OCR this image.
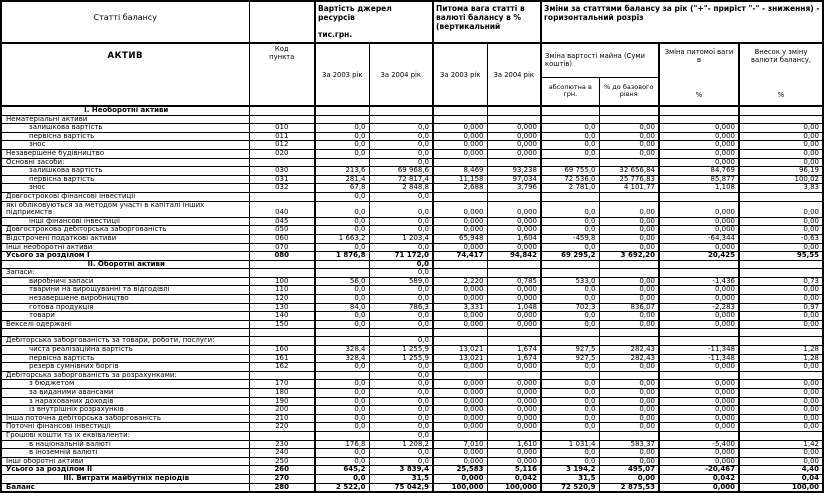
Статті балансу		Вартість джерел ресурсів
тис.грн.		Питома вага статті в валюті балансу в % (вертикальний		Зміни за статтями балансу за рік ("+"- приріст "-" - зниження) - горизонтальний розріз			
АКТИВ	Код пункта	За 2003 рік	За 2004 рік	За 2003 рік	За 2004 рік	Зміна вартості майна (Суми коштів)		Зміна питомої ваги в
%	Внесок у зміну валюти балансу,
%

						абсолютна в грн.	% до базового рівня		
I. Необоротні активи									
Нематеріальні активи									
залишкова вартість	010	0,0	0,0	0,000	0,000	0,0	0,00	0,000	0,00
первісна вартість	011	0,0	0,0	0,000	0,000	0,0	0,00	0,000	0,00
знос	012	0,0	0,0	0,000	0,000	0,0	0,00	0,000	0,00
Незавершене будівництво	020	0,0	0,0	0,000	0,000	0,0	0,00	0,000	0,00
Основні засоби:			0,0					0,000	0,00
залишкова вартість	030	213,6	69 968,6	8,469	93,238	69 755,0	32 656,84	84,769	96,19
первісна вартість	031	281,4	72 817,4	11,158	97,034	72 536,0	25 776,83	85,877	100,02
знос	032	67,8	2 848,8	2,688	3,796	2 781,0	4 101,77	1,108	3,83
Довгострокові фінансові інвестиції		0,0	0,0						
які обліковуються за методом участі в капіталі інших підприємств	040	0,0	0,0	0,000	0,000	0,0	0,00	0,000	0,00
інші фінансові інвестиції	045	0,0	0,0	0,000	0,000	0,0	0,00	0,000	0,00
Довгострокова дебіторська заборгованість	050	0,0	0,0	0,000	0,000	0,0	0,00	0,000	0,00
Відстрочені податкові активи	060	1 663,2	1 203,4	65,948	1,604	-459,8	0,00	-64,344	-0,63
Інші необоротні активи	070	0,0	0,0	0,000	0,000	0,0	0,00	0,000	0,00
Усього за розділом I	080	1 876,8	71 172,0	74,417	94,842	69 295,2	3 692,20	20,425	95,55
II. Оборотні активи			0,0						
Запаси:			0,0						
виробничі запаси	100	56,0	589,0	2,220	0,785	533,0	0,00	-1,436	0,73
тварини на вирощуванні та відгодівлі	110	0,0	0,0	0,000	0,000	0,0	0,00	0,000	0,00
незавершене виробництво	120	0,0	0,0	0,000	0,000	0,0	0,00	0,000	0,00
готова продукція	130	84,0	786,3	3,331	1,048	702,3	836,07	-2,283	0,97
товари	140	0,0	0,0	0,000	0,000	0,0	0,00	0,000	0,00
Векселі одержані	150	0,0	0,0	0,000	0,000	0,0	0,00	0,000	0,00

Дебіторська заборгованість за товари, роботи, послуги:			0,0						
чиста реалізаційна вартість	160	328,4	1 255,9	13,021	1,674	927,5	282,43	-11,348	1,28
первісна вартість	161	328,4	1 255,9	13,021	1,674	927,5	282,43	-11,348	1,28
резерв сумнівних боргів	162	0,0	0,0	0,000	0,000	0,0	0,00	0,000	0,00
Дебіторська заборгованість за розрахунками:			0,0						
з бюджетом	170	0,0	0,0	0,000	0,000	0,0	0,00	0,000	0,00
за виданими авансами	180	0,0	0,0	0,000	0,000	0,0	0,00	0,000	0,00
з нарахованих доходів	190	0,0	0,0	0,000	0,000	0,0	0,00	0,000	0,00
із внутрішніх розрахунків	200	0,0	0,0	0,000	0,000	0,0	0,00	0,000	0,00
Інша поточна дебіторська заборгованість	210	0,0	0,0	0,000	0,000	0,0	0,00	0,000	0,00
Поточні фінансові інвестиції	220	0,0	0,0	0,000	0,000	0,0	0,00	0,000	0,00
Грошові кошти та їх еквіваленти:			0,0						
в національній валюті	230	176,8	1 208,2	7,010	1,610	1 031,4	583,37	-5,400	1,42
в іноземній валюті	240	0,0	0,0	0,000	0,000	0,0	0,00	0,000	0,00
Інші оборотні активи	250	0,0	0,0	0,000	0,000	0,0	0,00	0,000	0,00
Усього за розділом II	260	645,2	3 839,4	25,583	5,116	3 194,2	495,07	-20,467	4,40
III. Витрати майбутніх періодів	270	0,0	31,5	0,000	0,042	31,5	0,00	0,042	0,04
Баланс	280	2 522,0	75 042,9	100,000	100,000	72 520,9	2 875,53	0,000	100,00
